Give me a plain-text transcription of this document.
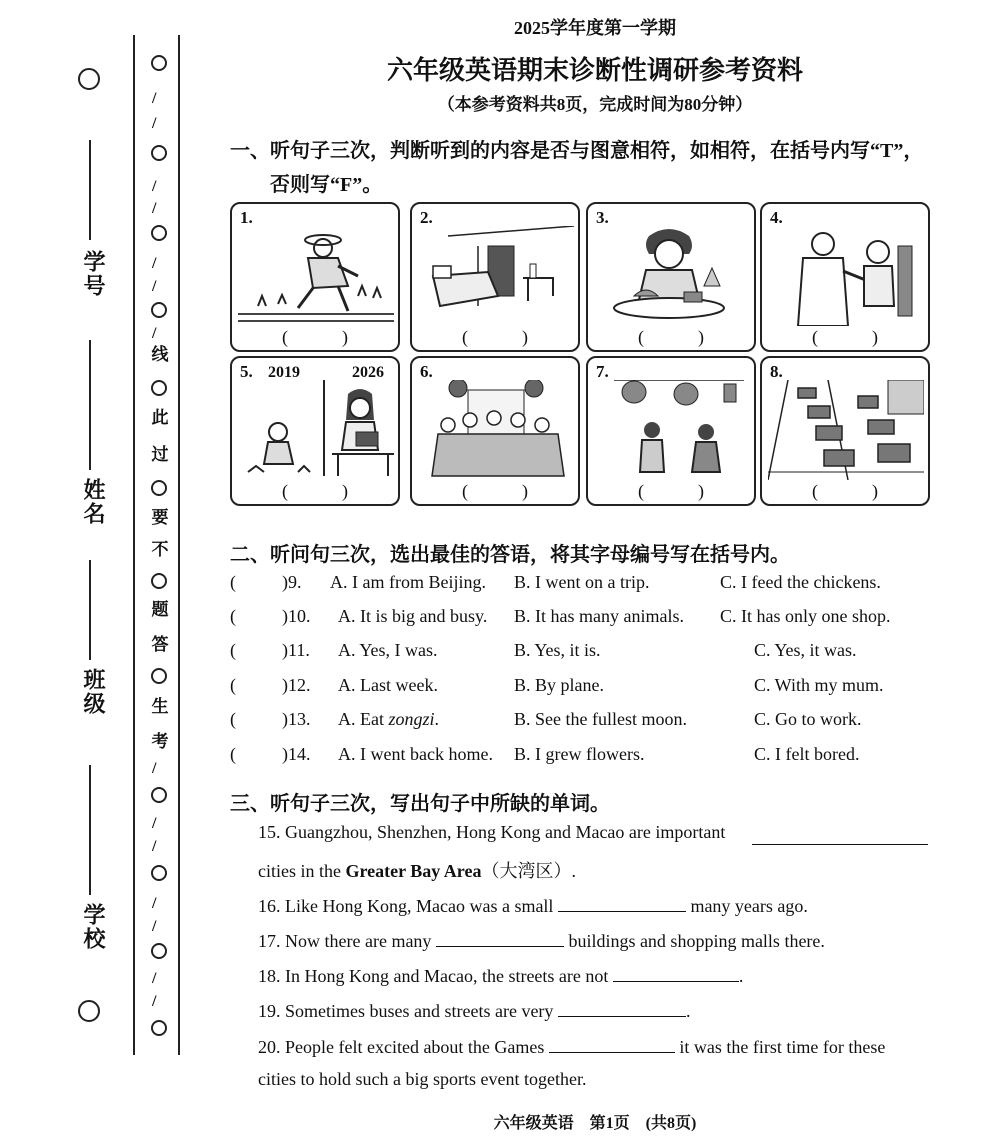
学号
姓名
班级
学校
/
/
/
/
/
/
/
线
此
过
要
不
题
答
生
考
/
/
/
/
/
/
/
2025学年度第一学期
六年级英语期末诊断性调研参考资料
（本参考资料共8页，完成时间为80分钟）
一、听句子三次，判断听到的内容是否与图意相符，如相符，在括号内写“T”，
否则写“F”。
1.
(   	)
2.
(   	)
3.
(   	)
4.
(   	)
5. 2019	2026
(   	)
6.
(   	)
7.
(   	)
8.
(   	)
二、听问句三次，选出最佳的答语，将其字母编号写在括号内。
(	)9. A. I am from Beijing. B. I went on a trip.	C. I feed the chickens.
(	)10. A. It is big and busy. B. It has many animals. C. It has only one shop.
(	)11. A. Yes, I was.	B. Yes, it is.	C. Yes, it was.
(	)12. A. Last week.	B. By plane.	C. With my mum.
(	)13. A. Eat zongzi.	B. See the fullest moon.	C. Go to work.
(	)14. A. I went back home. B. I grew flowers.	C. I felt bored.
三、听句子三次，写出句子中所缺的单词。
15. Guangzhou, Shenzhen, Hong Kong and Macao are important
cities in the Greater Bay Area（大湾区）.
16. Like Hong Kong, Macao was a small	many years ago.
17. Now there are many	buildings and shopping malls there.
18. In Hong Kong and Macao, the streets are not	.
19. Sometimes buses and streets are very	.
20. People felt excited about the Games	it was the first time for these
cities to hold such a big sports event together.
六年级英语　第1页　(共8页)
